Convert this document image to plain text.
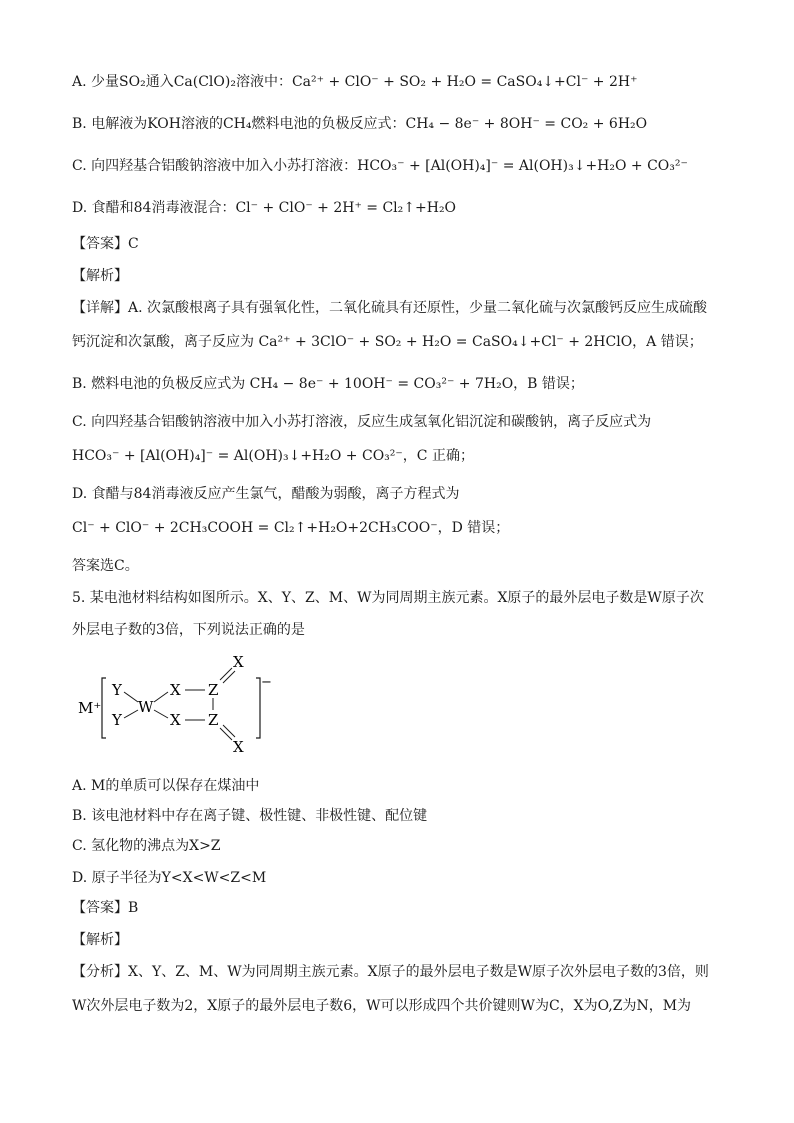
A. 少量SO₂通入Ca(ClO)₂溶液中：Ca²⁺ + ClO⁻ + SO₂ + H₂O = CaSO₄↓+Cl⁻ + 2H⁺
B. 电解液为KOH溶液的CH₄燃料电池的负极反应式：CH₄ − 8e⁻ + 8OH⁻ = CO₂ + 6H₂O
C. 向四羟基合铝酸钠溶液中加入小苏打溶液：HCO₃⁻ + [Al(OH)₄]⁻ = Al(OH)₃↓+H₂O + CO₃²⁻
D. 食醋和84消毒液混合：Cl⁻ + ClO⁻ + 2H⁺ = Cl₂↑+H₂O
【答案】C
【解析】
【详解】A. 次氯酸根离子具有强氧化性，二氧化硫具有还原性，少量二氧化硫与次氯酸钙反应生成硫酸
钙沉淀和次氯酸，离子反应为 Ca²⁺ + 3ClO⁻ + SO₂ + H₂O = CaSO₄↓+Cl⁻ + 2HClO，A 错误；
B. 燃料电池的负极反应式为 CH₄ − 8e⁻ + 10OH⁻ = CO₃²⁻ + 7H₂O，B 错误；
C. 向四羟基合铝酸钠溶液中加入小苏打溶液，反应生成氢氧化铝沉淀和碳酸钠，离子反应式为
HCO₃⁻ + [Al(OH)₄]⁻ = Al(OH)₃↓+H₂O + CO₃²⁻，C 正确；
D. 食醋与84消毒液反应产生氯气，醋酸为弱酸，离子方程式为
Cl⁻ + ClO⁻ + 2CH₃COOH = Cl₂↑+H₂O+2CH₃COO⁻，D 错误；
答案选C。
5. 某电池材料结构如图所示。X、Y、Z、M、W为同周期主族元素。X原子的最外层电子数是W原子次
外层电子数的3倍，下列说法正确的是
M⁺
Y
Y
W
X
X
Z
Z
X
X
−
A. M的单质可以保存在煤油中
B. 该电池材料中存在离子键、极性键、非极性键、配位键
C. 氢化物的沸点为X>Z
D. 原子半径为Y<X<W<Z<M
【答案】B
【解析】
【分析】X、Y、Z、M、W为同周期主族元素。X原子的最外层电子数是W原子次外层电子数的3倍，则
W次外层电子数为2，X原子的最外层电子数6，W可以形成四个共价键则W为C，X为O,Z为N，M为
